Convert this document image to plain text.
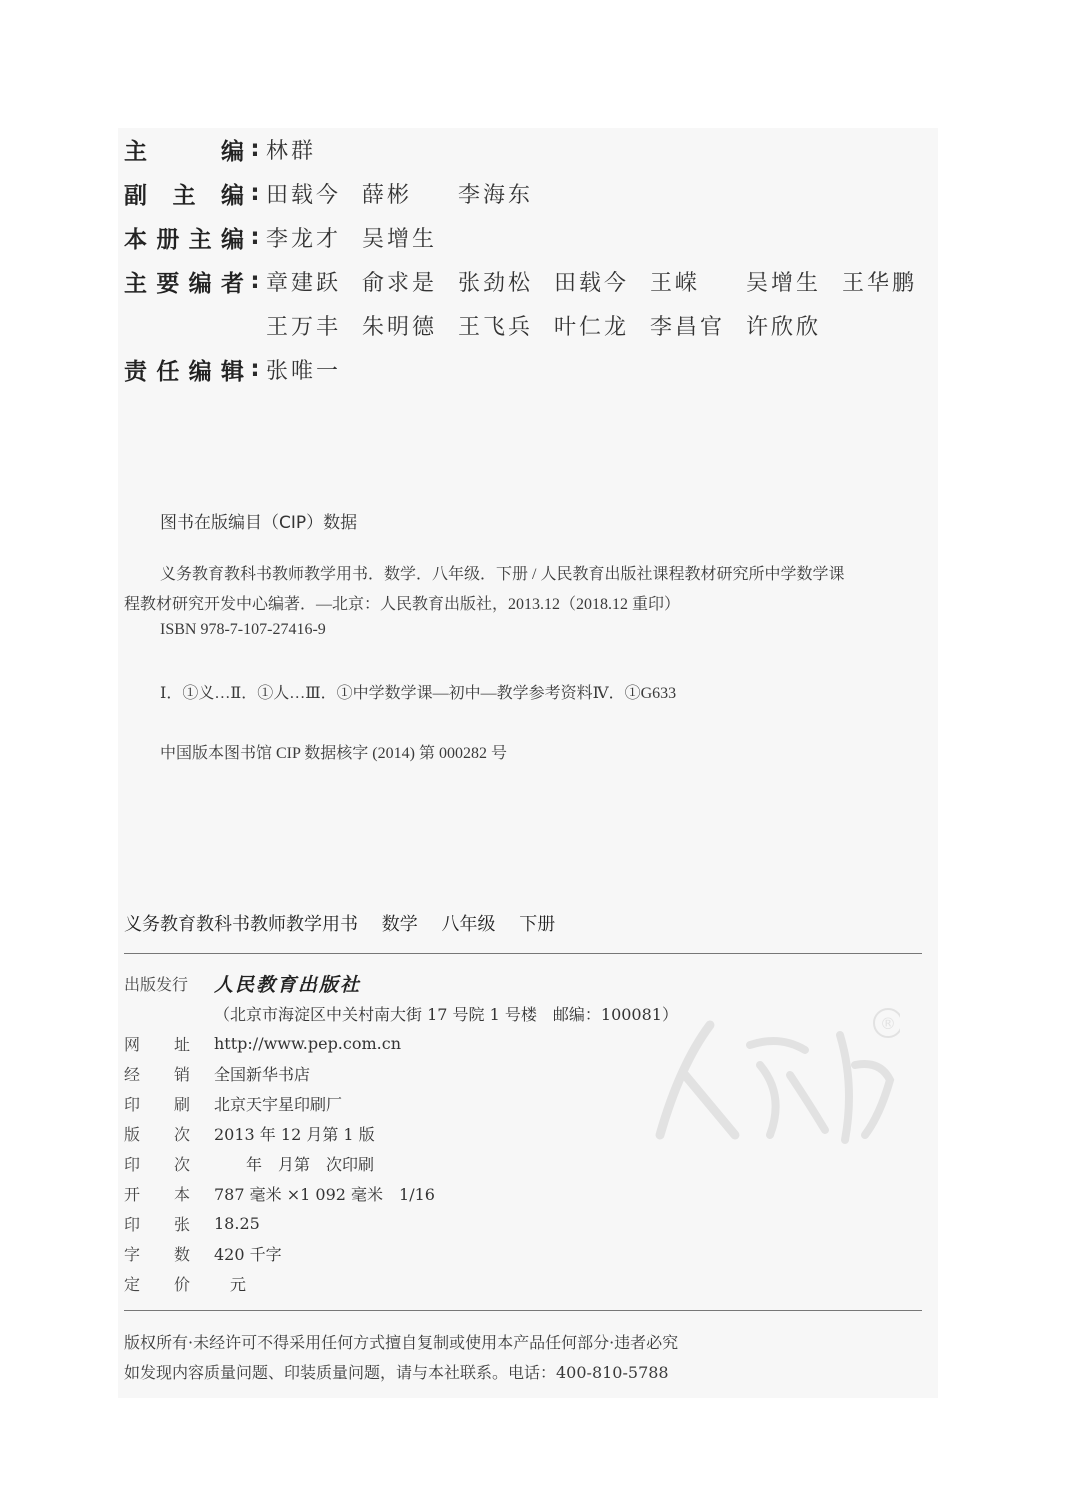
主	编 : 林群
副 主 编 : 田载今 薛彬	李海东
本 册 主 编 : 李龙才 吴增生
主 要 编 者 : 章建跃 俞求是 张劲松 田载今 王嵘	吴增生 王华鹏
王万丰 朱明德 王飞兵 叶仁龙 李昌官 许欣欣
责 任 编 辑 : 张唯一
图书在版编目（CIP）数据
义务教育教科书教师教学用书．数学．八年级．下册 / 人民教育出版社课程教材研究所中学数学课
程教材研究开发中心编著．—北京：人民教育出版社，2013.12（2018.12 重印）
ISBN 978-7-107-27416-9
Ⅰ．①义…Ⅱ．①人…Ⅲ．①中学数学课—初中—教学参考资料Ⅳ．①G633
中国版本图书馆 CIP 数据核字 (2014) 第 000282 号
义务教育教科书教师教学用书 数学 八年级 下册
®
出版发行 人民教育出版社
（北京市海淀区中关村南大街 17 号院 1 号楼　邮编：100081）
网 址 http://www.pep.com.cn
经 销 全国新华书店
印 刷 北京天宇星印刷厂
版 次 2013 年 12 月第 1 版
印 次 　　年　月第　次印刷
开 本 787 毫米 ×1 092 毫米　1/16
印 张 18.25
字 数 420 千字
定 价 　元
版权所有·未经许可不得采用任何方式擅自复制或使用本产品任何部分·违者必究
如发现内容质量问题、印装质量问题，请与本社联系。电话：400-810-5788
